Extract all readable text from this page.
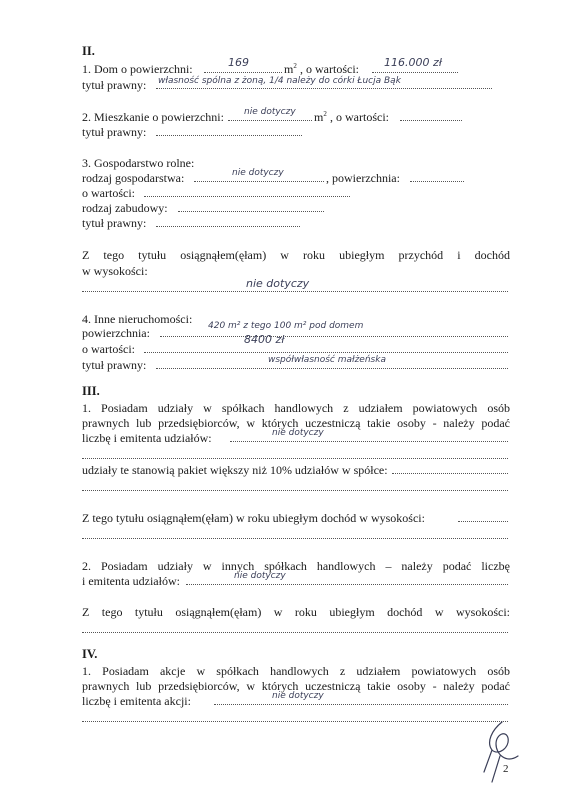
II.
1. Dom o powierzchni:	169	$m^2$ , o wartości: 116.000 zł
tytuł prawny: własność spólna z żoną, 1/4 należy do córki Łucja Bąk
2. Mieszkanie o powierzchni: nie dotyczy $m^2$ , o wartości:
tytuł prawny:
3. Gospodarstwo rolne:
rodzaj gospodarstwa:	nie dotyczy	, powierzchnia:
o wartości:
rodzaj zabudowy:
tytuł prawny:
Z tego tytułu osiągnąłem(ęłam) w roku ubiegłym przychód i dochód
w wysokości:
nie dotyczy
4. Inne nieruchomości:
powierzchnia:	420 m² z tego 100 m² pod domem
o wartości:
8400 zł
tytuł prawny:	współwłasność małżeńska
III.
1. Posiadam udziały w spółkach handlowych z udziałem powiatowych osób
prawnych lub przedsiębiorców, w których uczestniczą takie osoby - należy podać
liczbę i emitenta udziałów:	nie dotyczy
udziały te stanowią pakiet większy niż 10% udziałów w spółce:
Z tego tytułu osiągnąłem(ęłam) w roku ubiegłym dochód w wysokości:
2. Posiadam udziały w innych spółkach handlowych – należy podać liczbę
i emitenta udziałów:	nie dotyczy
Z tego tytułu osiągnąłem(ęłam) w roku ubiegłym dochód w wysokości:
IV.
1. Posiadam akcje w spółkach handlowych z udziałem powiatowych osób
prawnych lub przedsiębiorców, w których uczestniczą takie osoby - należy podać
liczbę i emitenta akcji:	nie dotyczy
2
